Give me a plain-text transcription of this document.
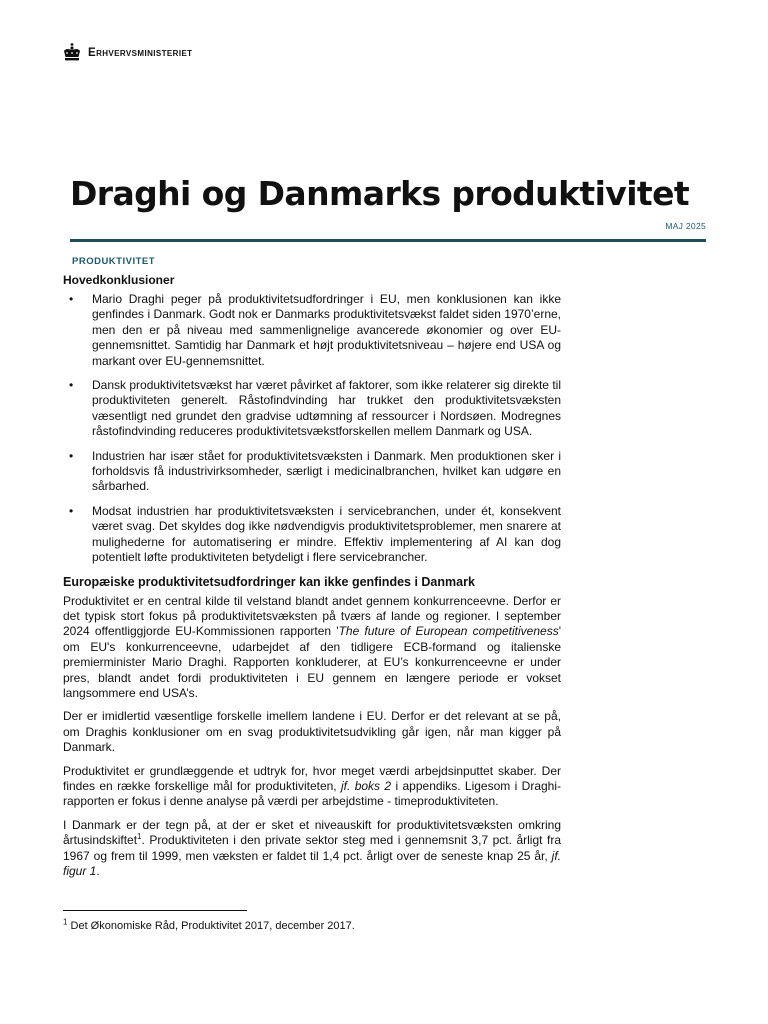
Erhvervsministeriet
Draghi og Danmarks produktivitet
MAJ 2025
PRODUKTIVITET
Hovedkonklusioner
• Mario Draghi peger på produktivitetsudfordringer i EU, men konklusionen kan ikke genfindes i Danmark. Godt nok er Danmarks produktivitetsvækst faldet siden 1970’erne, men den er på niveau med sammenlignelige avancerede økonomier og over EU-gennemsnittet. Samtidig har Danmark et højt produktivitetsniveau – højere end USA og markant over EU-gennemsnittet.
• Dansk produktivitetsvækst har været påvirket af faktorer, som ikke relaterer sig direkte til produktiviteten generelt. Råstofindvinding har trukket den produktivitetsvæksten væsentligt ned grundet den gradvise udtømning af ressourcer i Nordsøen. Modregnes råstofindvinding reduceres produktivitetsvækstforskellen mellem Danmark og USA.
• Industrien har især stået for produktivitetsvæksten i Danmark. Men produktionen sker i forholdsvis få industrivirksomheder, særligt i medicinalbranchen, hvilket kan udgøre en sårbarhed.
• Modsat industrien har produktivitetsvæksten i servicebranchen, under ét, konsekvent været svag. Det skyldes dog ikke nødvendigvis produktivitetsproblemer, men snarere at mulighederne for automatisering er mindre. Effektiv implementering af AI kan dog potentielt løfte produktiviteten betydeligt i flere servicebrancher.
Europæiske produktivitetsudfordringer kan ikke genfindes i Danmark

Produktivitet er en central kilde til velstand blandt andet gennem konkurrenceevne. Derfor er det typisk stort fokus på produktivitetsvæksten på tværs af lande og regioner. I september 2024 offentliggjorde EU-Kommissionen rapporten 'The future of European competitiveness' om EU's konkurrenceevne, udarbejdet af den tidligere ECB-formand og italienske premierminister Mario Draghi. Rapporten konkluderer, at EU’s konkurrenceevne er under pres, blandt andet fordi produktiviteten i EU gennem en længere periode er vokset langsommere end USA’s.

Der er imidlertid væsentlige forskelle imellem landene i EU. Derfor er det relevant at se på, om Draghis konklusioner om en svag produktivitetsudvikling går igen, når man kigger på Danmark.

Produktivitet er grundlæggende et udtryk for, hvor meget værdi arbejdsinputtet skaber. Der findes en række forskellige mål for produktiviteten, jf. boks 2 i appendiks. Ligesom i Draghi-rapporten er fokus i denne analyse på værdi per arbejdstime - timeproduktiviteten.

I Danmark er der tegn på, at der er sket et niveauskift for produktivitetsvæksten omkring årtusindskiftet$^1$. Produktiviteten i den private sektor steg med i gennemsnit 3,7 pct. årligt fra 1967 og frem til 1999, men væksten er faldet til 1,4 pct. årligt over de seneste knap 25 år, jf. figur 1.

$^1$ Det Økonomiske Råd, Produktivitet 2017, december 2017.
